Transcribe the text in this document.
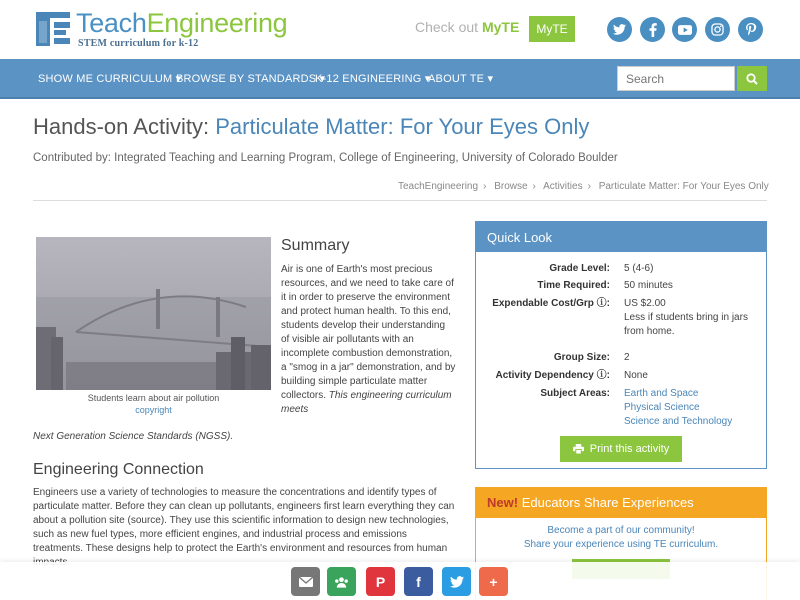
TeachEngineering
STEM curriculum for k-12
Check out MyTE	MyTE
SHOW ME CURRICULUM ▾
BROWSE BY STANDARDS ▾
K-12 ENGINEERING ▾
ABOUT TE ▾
Search
Hands-on Activity: Particulate Matter: For Your Eyes Only
Contributed by: Integrated Teaching and Learning Program, College of Engineering, University of Colorado Boulder
TeachEngineering › Browse › Activities › Particulate Matter: For Your Eyes Only
Students learn about air pollution
copyright
Summary
Air is one of Earth's most precious resources, and we need to take care of it in order to preserve the environment and protect human health. To this end, students develop their understanding of visible air pollutants with an incomplete combustion demonstration, a "smog in a jar" demonstration, and by building simple particulate matter collectors. This engineering curriculum meets
Next Generation Science Standards (NGSS).
Engineering Connection
Engineers use a variety of technologies to measure the concentrations and identify types of particulate matter. Before they can clean up pollutants, engineers first learn everything they can about a pollution site (source). They use this scientific information to design new technologies, such as new fuel types, more efficient engines, and industrial process and emissions treatments. These designs help to protect the Earth's environment and resources from human
Quick Look
Grade Level: 5 (4-6)
Time Required: 50 minutes
Expendable Cost/Grp ⓘ: US $2.00
Less if students bring in jars from home.
Group Size: 2
Activity Dependency ⓘ: None
Subject Areas: Earth and Space
Physical Science
Science and Technology
Print this activity
New! Educators Share Experiences
Become a part of our community!
Share your experience using TE curriculum.
P	f	+
